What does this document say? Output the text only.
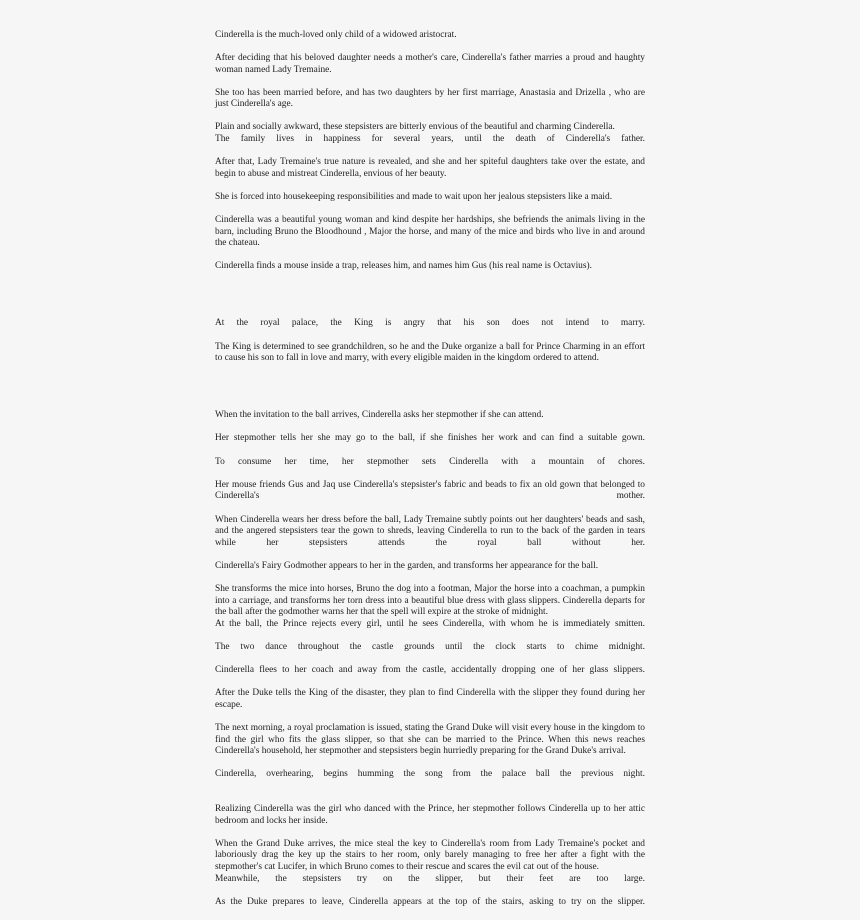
Cinderella is the much-loved only child of a widowed aristocrat.

After deciding that his beloved daughter needs a mother's care, Cinderella's father marries a proud and haughty woman named Lady Tremaine.

She too has been married before, and has two daughters by her first marriage, Anastasia and Drizella , who are just Cinderella's age.

Plain and socially awkward, these stepsisters are bitterly envious of the beautiful and charming Cinderella.

The family lives in happiness for several years, until the death of Cinderella's father.

After that, Lady Tremaine's true nature is revealed, and she and her spiteful daughters take over the estate, and begin to abuse and mistreat Cinderella, envious of her beauty.

She is forced into housekeeping responsibilities and made to wait upon her jealous stepsisters like a maid.

Cinderella was a beautiful young woman and kind despite her hardships, she befriends the animals living in the barn, including Bruno the Bloodhound , Major the horse, and many of the mice and birds who live in and around the chateau.

Cinderella finds a mouse inside a trap, releases him, and names him Gus (his real name is Octavius).

At the royal palace, the King is angry that his son does not intend to marry.

The King is determined to see grandchildren, so he and the Duke organize a ball for Prince Charming in an effort to cause his son to fall in love and marry, with every eligible maiden in the kingdom ordered to attend.

When the invitation to the ball arrives, Cinderella asks her stepmother if she can attend.

Her stepmother tells her she may go to the ball, if she finishes her work and can find a suitable gown.

To consume her time, her stepmother sets Cinderella with a mountain of chores.

Her mouse friends Gus and Jaq use Cinderella's stepsister's fabric and beads to fix an old gown that belonged to Cinderella's mother.

When Cinderella wears her dress before the ball, Lady Tremaine subtly points out her daughters' beads and sash, and the angered stepsisters tear the gown to shreds, leaving Cinderella to run to the back of the garden in tears while her stepsisters attends the royal ball without her.

Cinderella's Fairy Godmother appears to her in the garden, and transforms her appearance for the ball.

She transforms the mice into horses, Bruno the dog into a footman, Major the horse into a coachman, a pumpkin into a carriage, and transforms her torn dress into a beautiful blue dress with glass slippers. Cinderella departs for the ball after the godmother warns her that the spell will expire at the stroke of midnight.

At the ball, the Prince rejects every girl, until he sees Cinderella, with whom he is immediately smitten.

The two dance throughout the castle grounds until the clock starts to chime midnight.

Cinderella flees to her coach and away from the castle, accidentally dropping one of her glass slippers.

After the Duke tells the King of the disaster, they plan to find Cinderella with the slipper they found during her escape.

The next morning, a royal proclamation is issued, stating the Grand Duke will visit every house in the kingdom to find the girl who fits the glass slipper, so that she can be married to the Prince. When this news reaches Cinderella's household, her stepmother and stepsisters begin hurriedly preparing for the Grand Duke's arrival.

Cinderella, overhearing, begins humming the song from the palace ball the previous night.

Realizing Cinderella was the girl who danced with the Prince, her stepmother follows Cinderella up to her attic bedroom and locks her inside.

When the Grand Duke arrives, the mice steal the key to Cinderella's room from Lady Tremaine's pocket and laboriously drag the key up the stairs to her room, only barely managing to free her after a fight with the stepmother's cat Lucifer, in which Bruno comes to their rescue and scares the evil cat out of the house.

Meanwhile, the stepsisters try on the slipper, but their feet are too large.

As the Duke prepares to leave, Cinderella appears at the top of the stairs, asking to try on the slipper.
